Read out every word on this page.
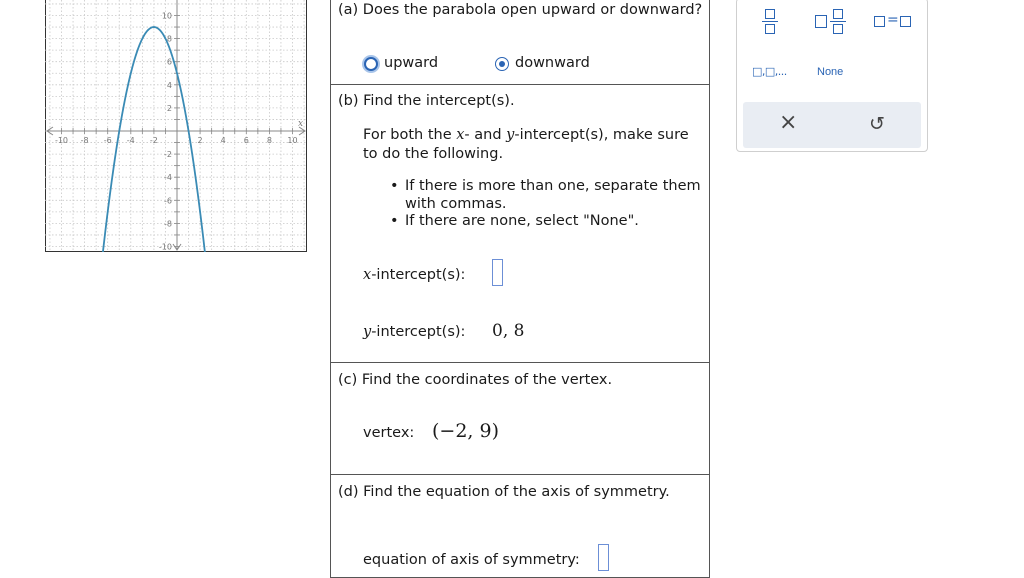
-10 -8 -6 -4 -2	2 4 6 8 10
10
8
6
4
2
-2
-4
-6
-8
-10
x
(a) Does the parabola open upward or downward?
upward	downward
(b) Find the intercept(s).
For both the x- and y-intercept(s), make sure
to do the following.
• If there is more than one, separate them
with commas.
• If there are none, select "None".
x-intercept(s):
y-intercept(s): 0, 8
(c) Find the coordinates of the vertex.
vertex: (−2, 9)
(d) Find the equation of the axis of symmetry.
equation of axis of symmetry:
=
□,□,...	None
×	↺
